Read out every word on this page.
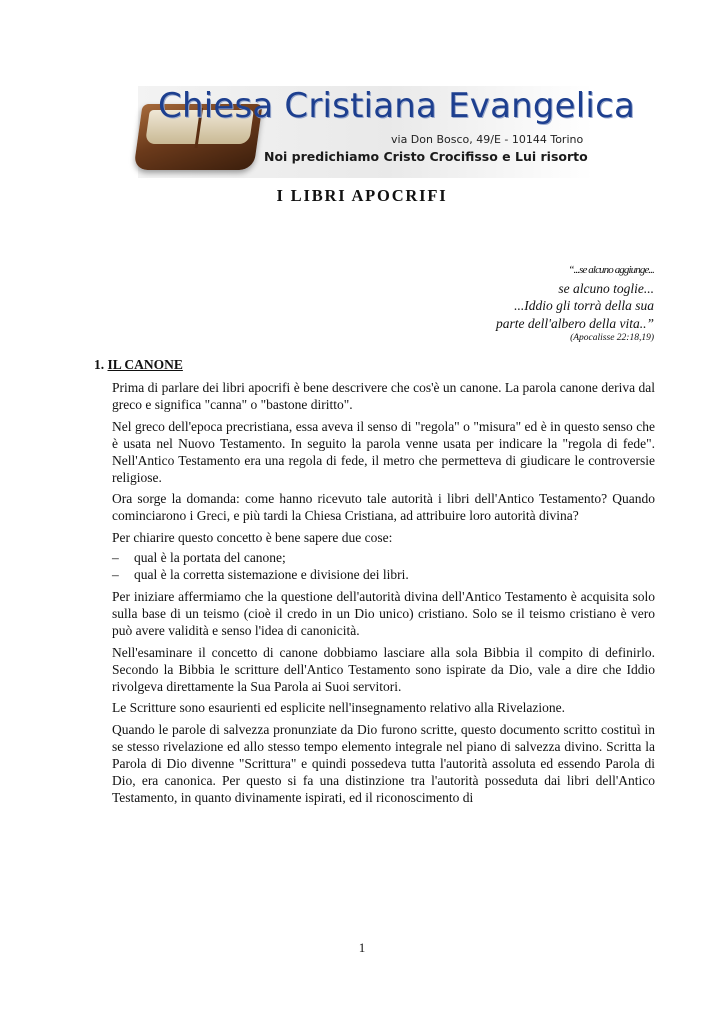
Chiesa Cristiana Evangelica
via Don Bosco, 49/E - 10144 Torino
Noi predichiamo Cristo Crocifisso e Lui risorto
I LIBRI APOCRIFI
“...se alcuno aggiunge...
se alcuno toglie...
...Iddio gli torrà della sua
parte dell'albero della vita..”
(Apocalisse 22:18,19)
1. IL CANONE

Prima di parlare dei libri apocrifi è bene descrivere che cos'è un canone. La parola canone deriva dal greco e significa "canna" o "bastone diritto".

Nel greco dell'epoca precristiana, essa aveva il senso di "regola" o "misura" ed è in questo senso che è usata nel Nuovo Testamento. In seguito la parola venne usata per indicare la "regola di fede". Nell'Antico Testamento era una regola di fede, il metro che permetteva di giudicare le controversie religiose.

Ora sorge la domanda: come hanno ricevuto tale autorità i libri dell'Antico Testamento? Quando cominciarono i Greci, e più tardi la Chiesa Cristiana, ad attribuire loro autorità divina?

Per chiarire questo concetto è bene sapere due cose:

– qual è la portata del canone;
– qual è la corretta sistemazione e divisione dei libri.

Per iniziare affermiamo che la questione dell'autorità divina dell'Antico Testamento è acquisita solo sulla base di un teismo (cioè il credo in un Dio unico) cristiano. Solo se il teismo cristiano è vero può avere validità e senso l'idea di canonicità.

Nell'esaminare il concetto di canone dobbiamo lasciare alla sola Bibbia il compito di definirlo. Secondo la Bibbia le scritture dell'Antico Testamento sono ispirate da Dio, vale a dire che Iddio rivolgeva direttamente la Sua Parola ai Suoi servitori.

Le Scritture sono esaurienti ed esplicite nell'insegnamento relativo alla Rivelazione.

Quando le parole di salvezza pronunziate da Dio furono scritte, questo documento scritto costituì in se stesso rivelazione ed allo stesso tempo elemento integrale nel piano di salvezza divino. Scritta la Parola di Dio divenne "Scrittura" e quindi possedeva tutta l'autorità assoluta ed essendo Parola di Dio, era canonica. Per questo si fa una distinzione tra l'autorità posseduta dai libri dell'Antico Testamento, in quanto divinamente ispirati, ed il riconoscimento di

1
